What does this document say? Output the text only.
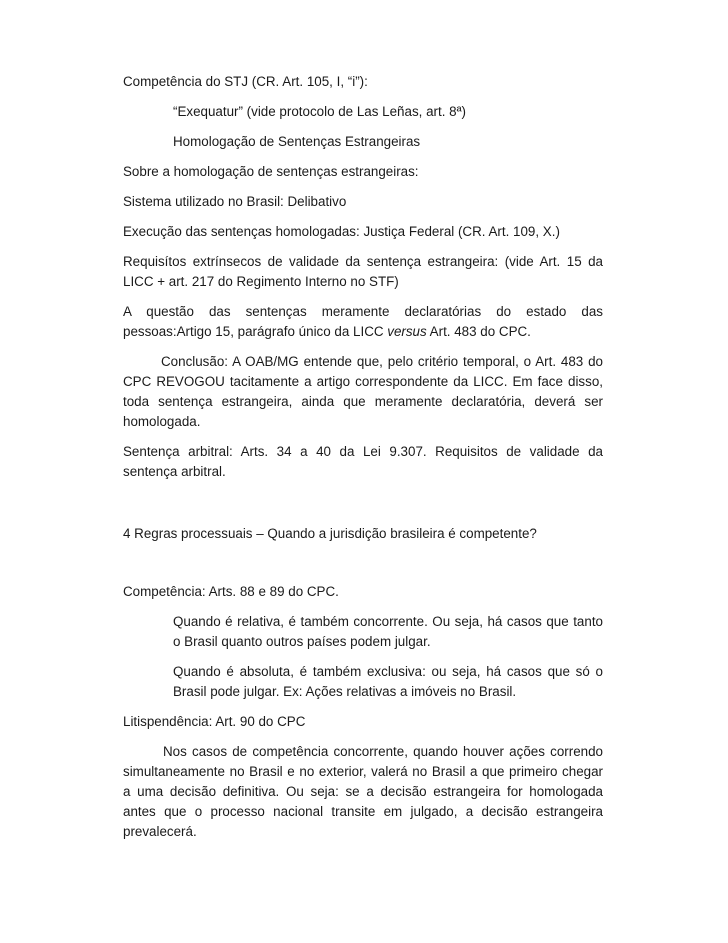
Competência do STJ (CR. Art. 105, I, “i”):

“Exequatur” (vide protocolo de Las Leñas, art. 8ª)

Homologação de Sentenças Estrangeiras

Sobre a homologação de sentenças estrangeiras:

Sistema utilizado no Brasil: Delibativo

Execução das sentenças homologadas: Justiça Federal (CR. Art. 109, X.)

Requisítos extrínsecos de validade da sentença estrangeira: (vide Art. 15 da LICC + art. 217 do Regimento Interno no STF)

A questão das sentenças meramente declaratórias do estado das pessoas:Artigo 15, parágrafo único da LICC versus Art. 483 do CPC.

Conclusão: A OAB/MG entende que, pelo critério temporal, o Art. 483 do CPC REVOGOU tacitamente a artigo correspondente da LICC. Em face disso, toda sentença estrangeira, ainda que meramente declaratória, deverá ser homologada.

Sentença arbitral: Arts. 34 a 40 da Lei 9.307. Requisitos de validade da sentença arbitral.

4 Regras processuais – Quando a jurisdição brasileira é competente?

Competência: Arts. 88 e 89 do CPC.

Quando é relativa, é também concorrente. Ou seja, há casos que tanto o Brasil quanto outros países podem julgar.

Quando é absoluta, é também exclusiva: ou seja, há casos que só o Brasil pode julgar. Ex: Ações relativas a imóveis no Brasil.

Litispendência: Art. 90 do CPC

Nos casos de competência concorrente, quando houver ações correndo simultaneamente no Brasil e no exterior, valerá no Brasil a que primeiro chegar a uma decisão definitiva. Ou seja: se a decisão estrangeira for homologada antes que o processo nacional transite em julgado, a decisão estrangeira prevalecerá.
